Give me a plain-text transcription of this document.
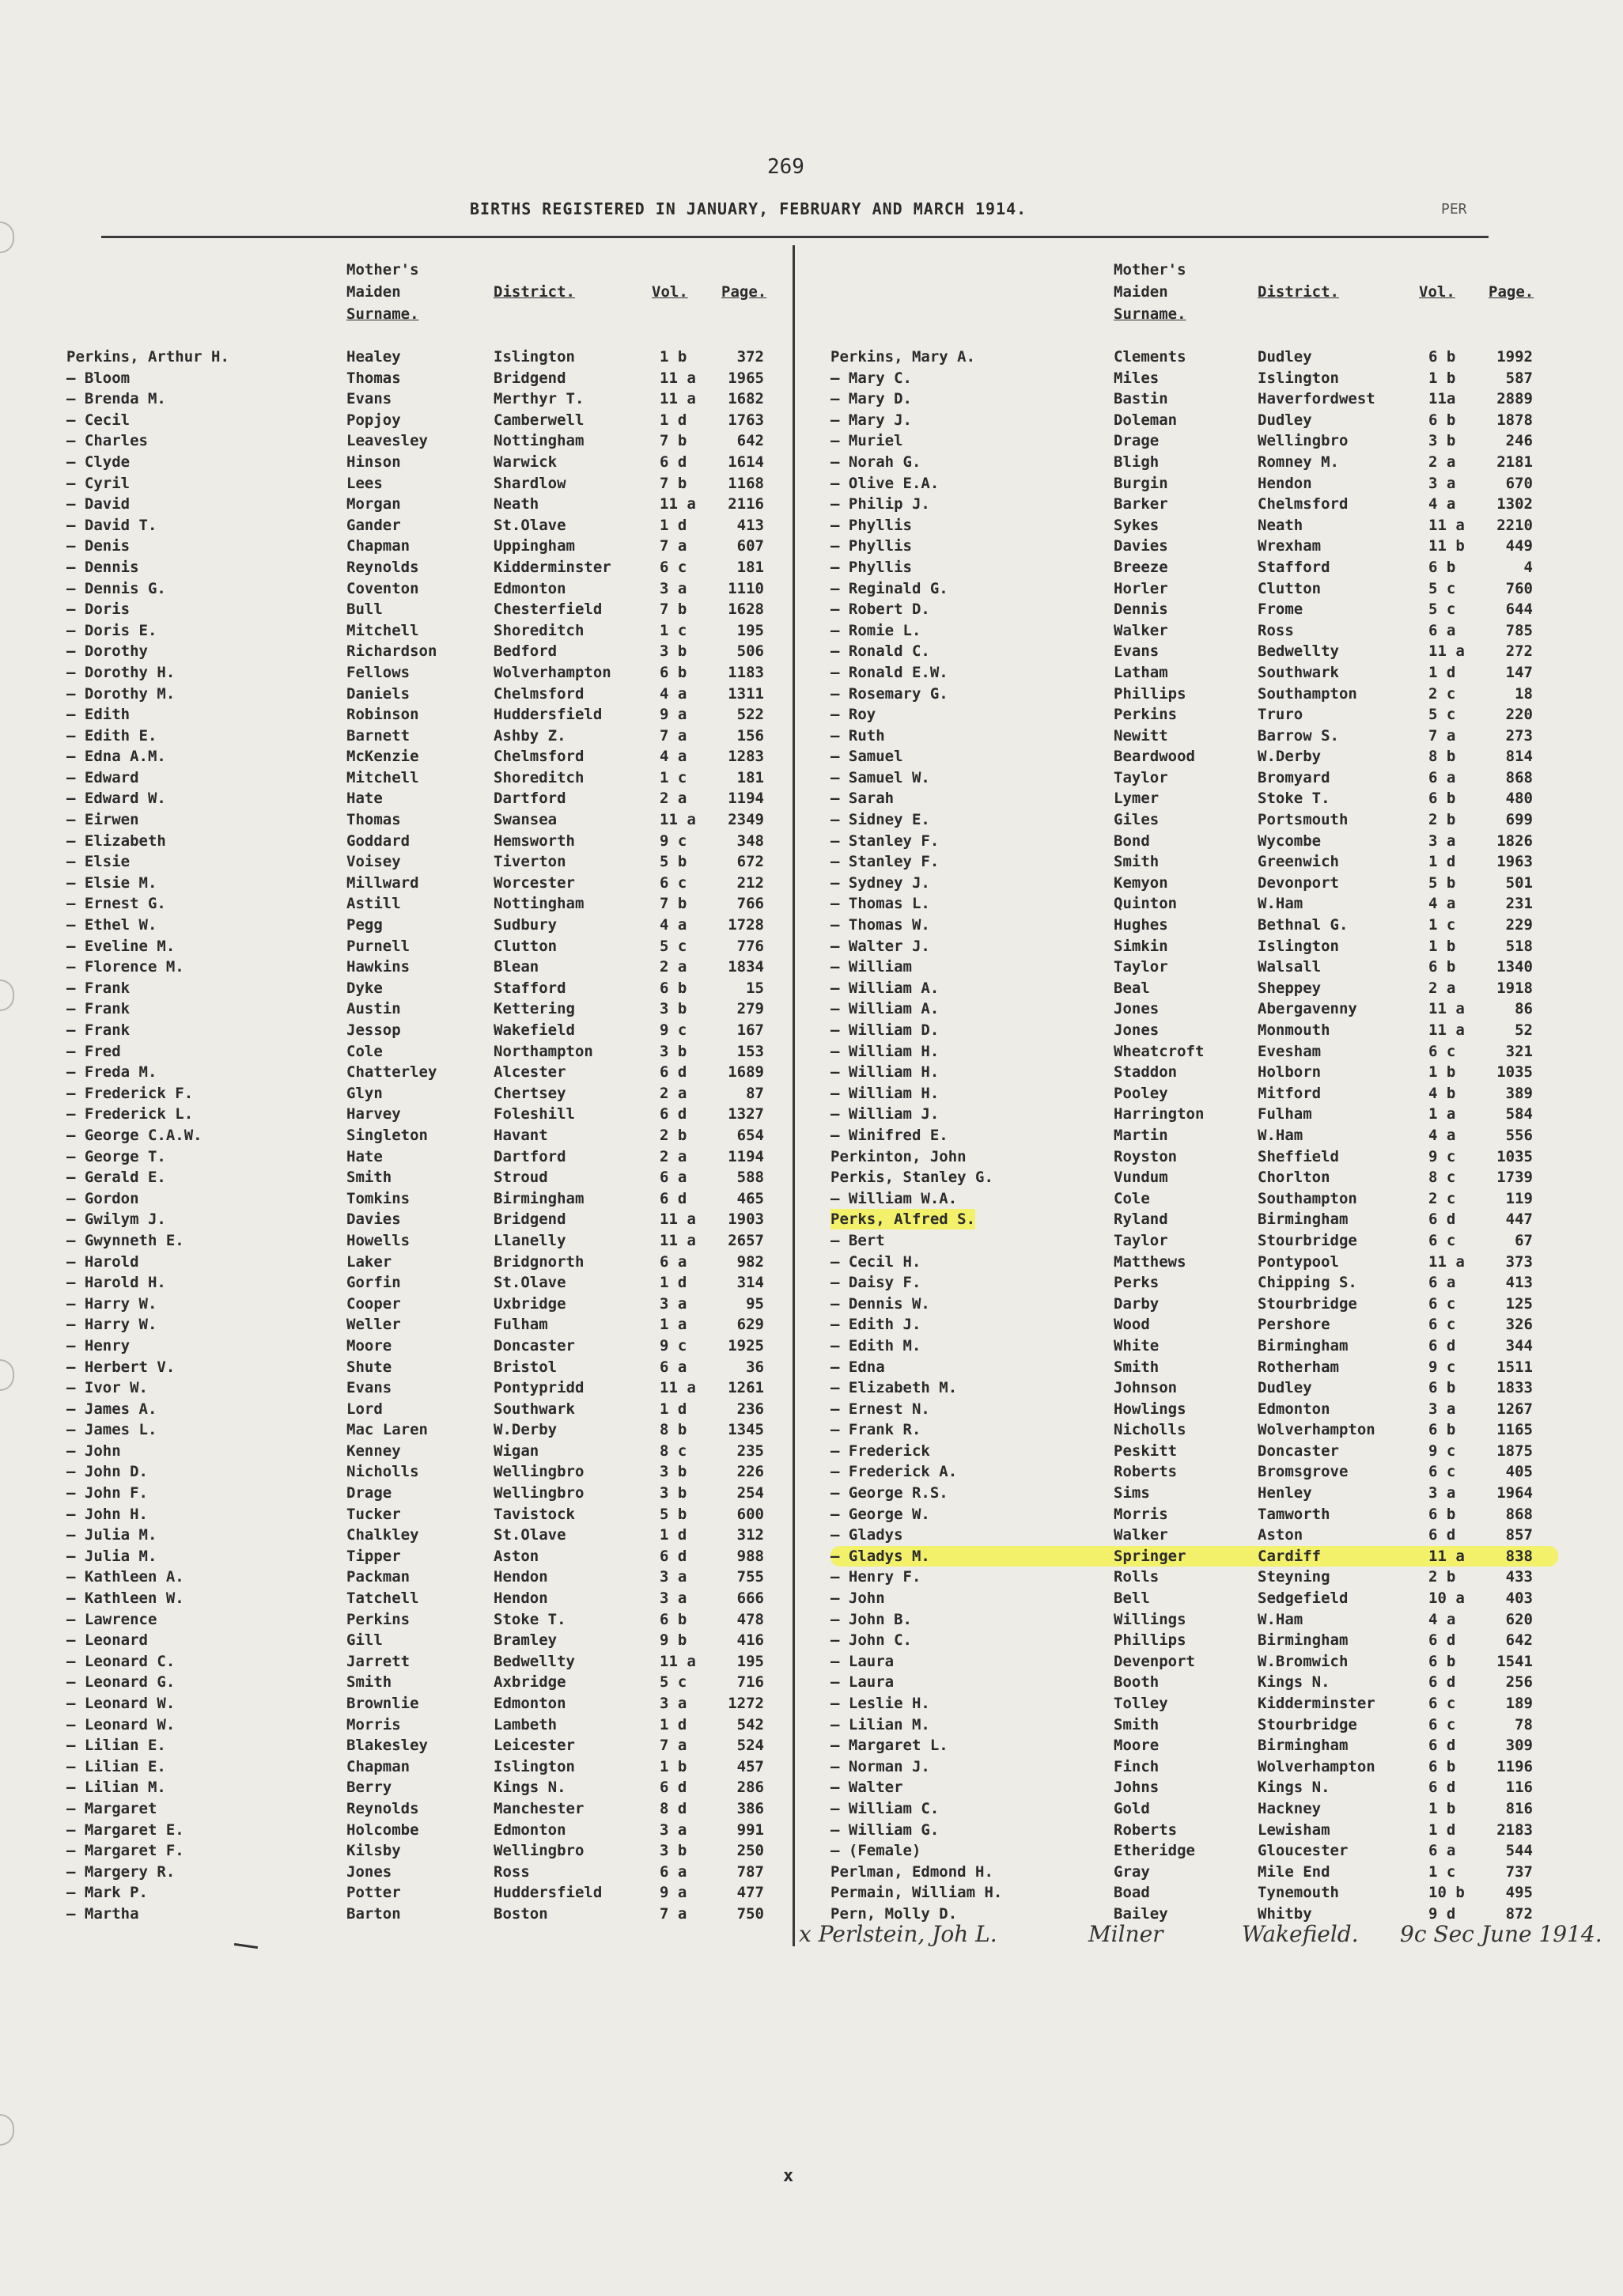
269
BIRTHS REGISTERED IN JANUARY, FEBRUARY AND MARCH 1914.	PER
Mother's
Maiden
Surname.
District.	Vol. Page.
Perkins, Arthur H.	Healey	Islington	1 b	372
— Bloom	Thomas	Bridgend	11 a	1965
— Brenda M.	Evans	Merthyr T.	11 a	1682
— Cecil	Popjoy	Camberwell	1 d	1763
— Charles	Leavesley	Nottingham	7 b	642
— Clyde	Hinson	Warwick	6 d	1614
— Cyril	Lees	Shardlow	7 b	1168
— David	Morgan	Neath	11 a	2116
— David T.	Gander	St.Olave	1 d	413
— Denis	Chapman	Uppingham	7 a	607
— Dennis	Reynolds	Kidderminster	6 c	181
— Dennis G.	Coventon	Edmonton	3 a	1110
— Doris	Bull	Chesterfield	7 b	1628
— Doris E.	Mitchell	Shoreditch	1 c	195
— Dorothy	Richardson	Bedford	3 b	506
— Dorothy H.	Fellows	Wolverhampton	6 b	1183
— Dorothy M.	Daniels	Chelmsford	4 a	1311
— Edith	Robinson	Huddersfield	9 a	522
— Edith E.	Barnett	Ashby Z.	7 a	156
— Edna A.M.	McKenzie	Chelmsford	4 a	1283
— Edward	Mitchell	Shoreditch	1 c	181
— Edward W.	Hate	Dartford	2 a	1194
— Eirwen	Thomas	Swansea	11 a	2349
— Elizabeth	Goddard	Hemsworth	9 c	348
— Elsie	Voisey	Tiverton	5 b	672
— Elsie M.	Millward	Worcester	6 c	212
— Ernest G.	Astill	Nottingham	7 b	766
— Ethel W.	Pegg	Sudbury	4 a	1728
— Eveline M.	Purnell	Clutton	5 c	776
— Florence M.	Hawkins	Blean	2 a	1834
— Frank	Dyke	Stafford	6 b	15
— Frank	Austin	Kettering	3 b	279
— Frank	Jessop	Wakefield	9 c	167
— Fred	Cole	Northampton	3 b	153
— Freda M.	Chatterley	Alcester	6 d	1689
— Frederick F.	Glyn	Chertsey	2 a	87
— Frederick L.	Harvey	Foleshill	6 d	1327
— George C.A.W.	Singleton	Havant	2 b	654
— George T.	Hate	Dartford	2 a	1194
— Gerald E.	Smith	Stroud	6 a	588
— Gordon	Tomkins	Birmingham	6 d	465
— Gwilym J.	Davies	Bridgend	11 a	1903
— Gwynneth E.	Howells	Llanelly	11 a	2657
— Harold	Laker	Bridgnorth	6 a	982
— Harold H.	Gorfin	St.Olave	1 d	314
— Harry W.	Cooper	Uxbridge	3 a	95
— Harry W.	Weller	Fulham	1 a	629
— Henry	Moore	Doncaster	9 c	1925
— Herbert V.	Shute	Bristol	6 a	36
— Ivor W.	Evans	Pontypridd	11 a	1261
— James A.	Lord	Southwark	1 d	236
— James L.	Mac Laren	W.Derby	8 b	1345
— John	Kenney	Wigan	8 c	235
— John D.	Nicholls	Wellingbro	3 b	226
— John F.	Drage	Wellingbro	3 b	254
— John H.	Tucker	Tavistock	5 b	600
— Julia M.	Chalkley	St.Olave	1 d	312
— Julia M.	Tipper	Aston	6 d	988
— Kathleen A.	Packman	Hendon	3 a	755
— Kathleen W.	Tatchell	Hendon	3 a	666
— Lawrence	Perkins	Stoke T.	6 b	478
— Leonard	Gill	Bramley	9 b	416
— Leonard C.	Jarrett	Bedwellty	11 a	195
— Leonard G.	Smith	Axbridge	5 c	716
— Leonard W.	Brownlie	Edmonton	3 a	1272
— Leonard W.	Morris	Lambeth	1 d	542
— Lilian E.	Blakesley	Leicester	7 a	524
— Lilian E.	Chapman	Islington	1 b	457
— Lilian M.	Berry	Kings N.	6 d	286
— Margaret	Reynolds	Manchester	8 d	386
— Margaret E.	Holcombe	Edmonton	3 a	991
— Margaret F.	Kilsby	Wellingbro	3 b	250
— Margery R.	Jones	Ross	6 a	787
— Mark P.	Potter	Huddersfield	9 a	477
— Martha	Barton	Boston	7 a	750
Mother's
Maiden
Surname.
District.	Vol. Page.
Perkins, Mary A.	Clements	Dudley	6 b	1992
— Mary C.	Miles	Islington	1 b	587
— Mary D.	Bastin	Haverfordwest	11a	2889
— Mary J.	Doleman	Dudley	6 b	1878
— Muriel	Drage	Wellingbro	3 b	246
— Norah G.	Bligh	Romney M.	2 a	2181
— Olive E.A.	Burgin	Hendon	3 a	670
— Philip J.	Barker	Chelmsford	4 a	1302
— Phyllis	Sykes	Neath	11 a	2210
— Phyllis	Davies	Wrexham	11 b	449
— Phyllis	Breeze	Stafford	6 b	4
— Reginald G.	Horler	Clutton	5 c	760
— Robert D.	Dennis	Frome	5 c	644
— Romie L.	Walker	Ross	6 a	785
— Ronald C.	Evans	Bedwellty	11 a	272
— Ronald E.W.	Latham	Southwark	1 d	147
— Rosemary G.	Phillips	Southampton	2 c	18
— Roy	Perkins	Truro	5 c	220
— Ruth	Newitt	Barrow S.	7 a	273
— Samuel	Beardwood	W.Derby	8 b	814
— Samuel W.	Taylor	Bromyard	6 a	868
— Sarah	Lymer	Stoke T.	6 b	480
— Sidney E.	Giles	Portsmouth	2 b	699
— Stanley F.	Bond	Wycombe	3 a	1826
— Stanley F.	Smith	Greenwich	1 d	1963
— Sydney J.	Kemyon	Devonport	5 b	501
— Thomas L.	Quinton	W.Ham	4 a	231
— Thomas W.	Hughes	Bethnal G.	1 c	229
— Walter J.	Simkin	Islington	1 b	518
— William	Taylor	Walsall	6 b	1340
— William A.	Beal	Sheppey	2 a	1918
— William A.	Jones	Abergavenny	11 a	86
— William D.	Jones	Monmouth	11 a	52
— William H.	Wheatcroft	Evesham	6 c	321
— William H.	Staddon	Holborn	1 b	1035
— William H.	Pooley	Mitford	4 b	389
— William J.	Harrington	Fulham	1 a	584
— Winifred E.	Martin	W.Ham	4 a	556
Perkinton, John	Royston	Sheffield	9 c	1035
Perkis, Stanley G.	Vundum	Chorlton	8 c	1739
— William W.A.	Cole	Southampton	2 c	119
Perks, Alfred S.	Ryland	Birmingham	6 d	447
— Bert	Taylor	Stourbridge	6 c	67
— Cecil H.	Matthews	Pontypool	11 a	373
— Daisy F.	Perks	Chipping S.	6 a	413
— Dennis W.	Darby	Stourbridge	6 c	125
— Edith J.	Wood	Pershore	6 c	326
— Edith M.	White	Birmingham	6 d	344
— Edna	Smith	Rotherham	9 c	1511
— Elizabeth M.	Johnson	Dudley	6 b	1833
— Ernest N.	Howlings	Edmonton	3 a	1267
— Frank R.	Nicholls	Wolverhampton	6 b	1165
— Frederick	Peskitt	Doncaster	9 c	1875
— Frederick A.	Roberts	Bromsgrove	6 c	405
— George R.S.	Sims	Henley	3 a	1964
— George W.	Morris	Tamworth	6 b	868
— Gladys	Walker	Aston	6 d	857
— Gladys M.	Springer	Cardiff	11 a	838
— Henry F.	Rolls	Steyning	2 b	433
— John	Bell	Sedgefield	10 a	403
— John B.	Willings	W.Ham	4 a	620
— John C.	Phillips	Birmingham	6 d	642
— Laura	Devenport	W.Bromwich	6 b	1541
— Laura	Booth	Kings N.	6 d	256
— Leslie H.	Tolley	Kidderminster	6 c	189
— Lilian M.	Smith	Stourbridge	6 c	78
— Margaret L.	Moore	Birmingham	6 d	309
— Norman J.	Finch	Wolverhampton	6 b	1196
— Walter	Johns	Kings N.	6 d	116
— William C.	Gold	Hackney	1 b	816
— William G.	Roberts	Lewisham	1 d	2183
— (Female)	Etheridge	Gloucester	6 a	544
Perlman, Edmond H.	Gray	Mile End	1 c	737
Permain, William H.	Boad	Tynemouth	10 b	495
Pern, Molly D.	Bailey	Whitby	9 d	872
x Perlstein, Joh L.	Milner	Wakefield. 9c Sec June 1914.
x
